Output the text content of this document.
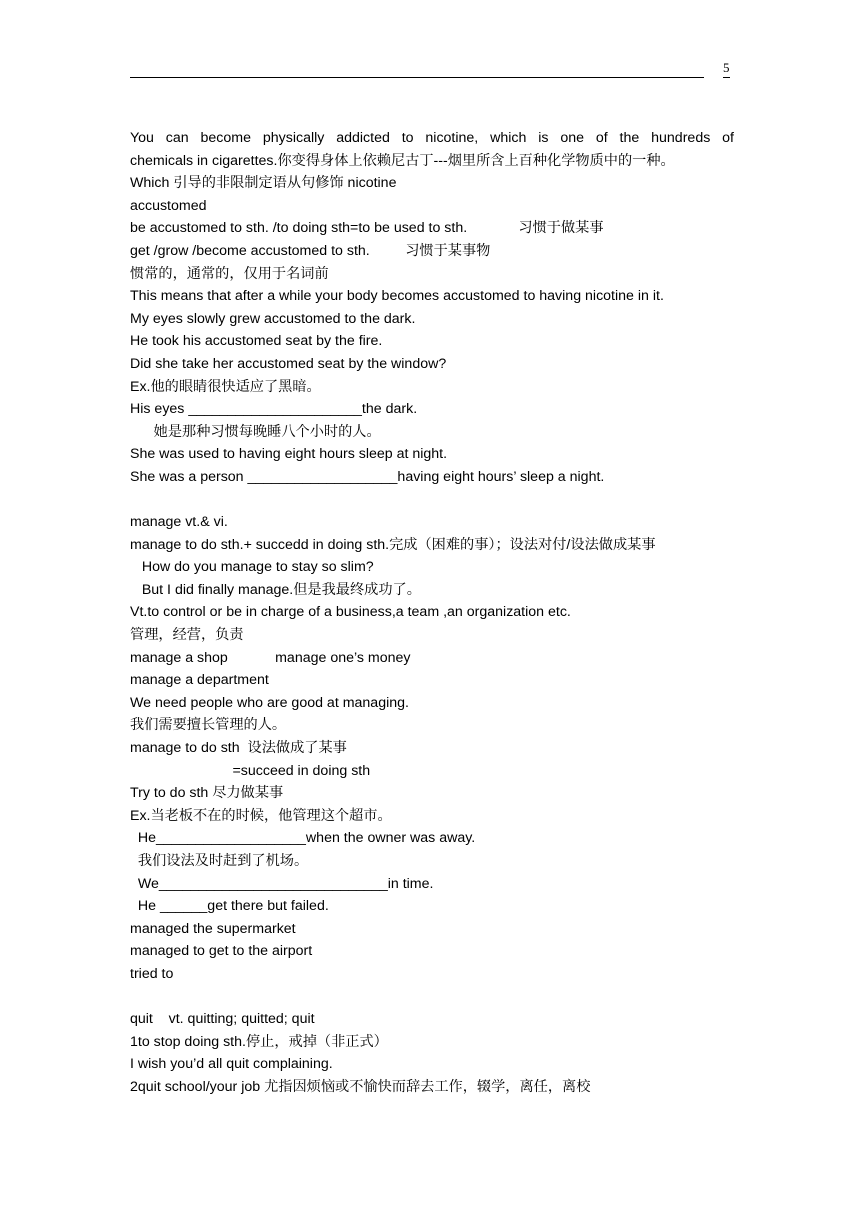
5
You can become physically addicted to nicotine, which is one of the hundreds of
chemicals in cigarettes.你变得身体上依赖尼古丁---烟里所含上百种化学物质中的一种。
Which 引导的非限制定语从句修饰 nicotine
accustomed
be accustomed to sth. /to doing sth=to be used to sth.             习惯于做某事
get /grow /become accustomed to sth.         习惯于某事物
惯常的，通常的，仅用于名词前
This means that after a while your body becomes accustomed to having nicotine in it.
My eyes slowly grew accustomed to the dark.
He took his accustomed seat by the fire.
Did she take her accustomed seat by the window?
Ex.他的眼睛很快适应了黑暗。
His eyes ______________________the dark.
她是那种习惯每晚睡八个小时的人。
She was used to having eight hours sleep at night.
She was a person ___________________having eight hours’ sleep a night.
manage vt.& vi.
manage to do sth.+ succedd in doing sth.完成（困难的事）；设法对付/设法做成某事
How do you manage to stay so slim?
But I did finally manage.但是我最终成功了。
Vt.to control or be in charge of a business,a team ,an organization etc.
管理，经营，负责
manage a shop            manage one’s money
manage a department
We need people who are good at managing.
我们需要擅长管理的人。
manage to do sth  设法做成了某事
=succeed in doing sth
Try to do sth 尽力做某事
Ex.当老板不在的时候，他管理这个超市。
He___________________when the owner was away.
我们设法及时赶到了机场。
We_____________________________in time.
He ______get there but failed.
managed the supermarket
managed to get to the airport
tried to
quit    vt. quitting; quitted; quit
1to stop doing sth.停止，戒掉（非正式）
I wish you’d all quit complaining.
2quit school/your job 尤指因烦恼或不愉快而辞去工作，辍学，离任，离校
